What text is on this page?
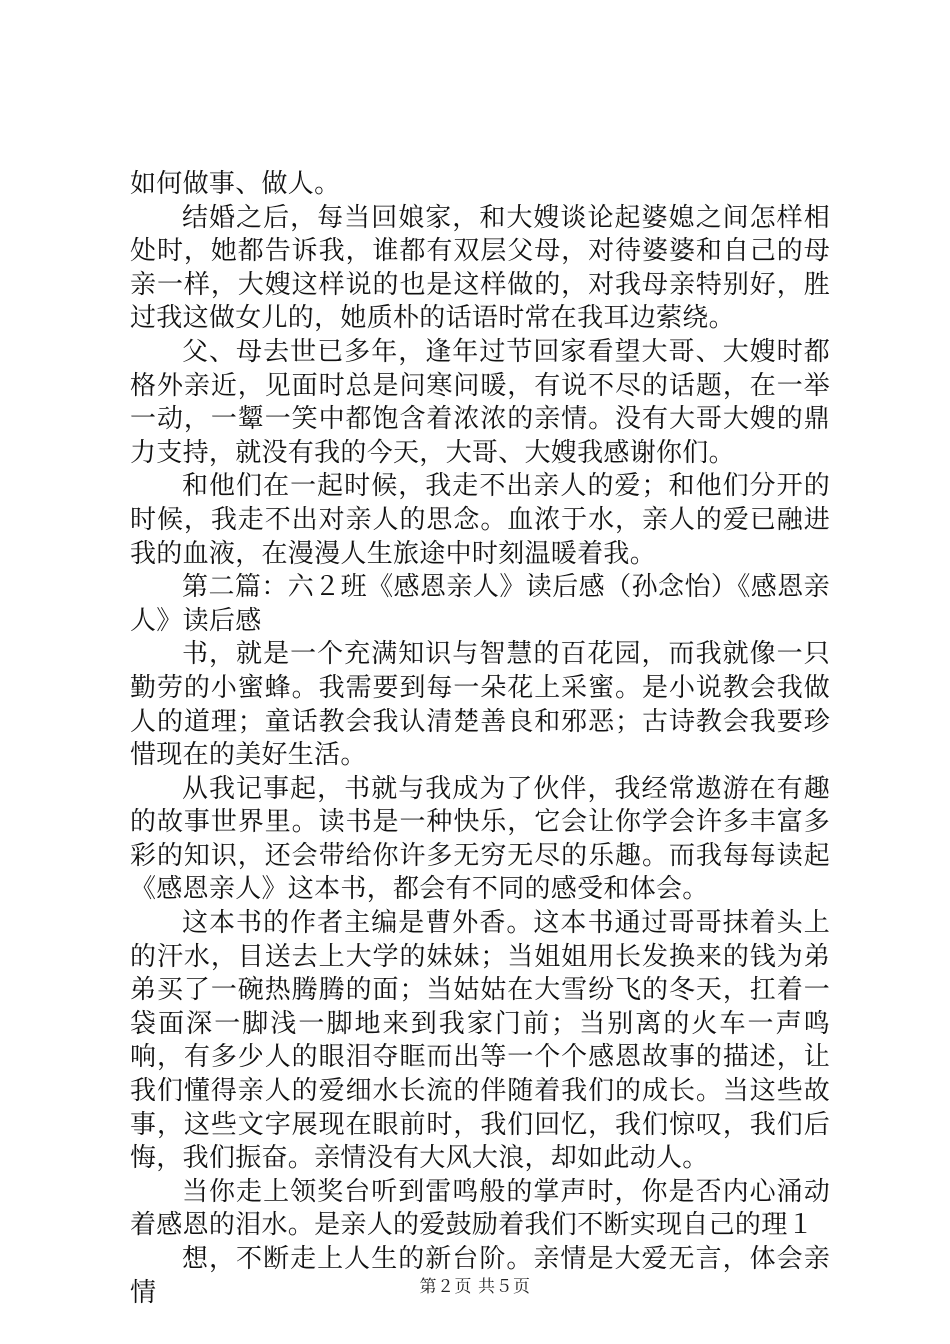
如何做事、做人。

结婚之后，每当回娘家，和大嫂谈论起婆媳之间怎样相处时，她都告诉我，谁都有双层父母，对待婆婆和自己的母亲一样，大嫂这样说的也是这样做的，对我母亲特别好，胜过我这做女儿的，她质朴的话语时常在我耳边萦绕。

父、母去世已多年，逢年过节回家看望大哥、大嫂时都格外亲近，见面时总是问寒问暖，有说不尽的话题，在一举一动，一颦一笑中都饱含着浓浓的亲情。没有大哥大嫂的鼎力支持，就没有我的今天，大哥、大嫂我感谢你们。

和他们在一起时候，我走不出亲人的爱；和他们分开的时候，我走不出对亲人的思念。血浓于水，亲人的爱已融进我的血液，在漫漫人生旅途中时刻温暖着我。

第二篇：六２班《感恩亲人》读后感（孙念怡）《感恩亲人》读后感

书，就是一个充满知识与智慧的百花园，而我就像一只勤劳的小蜜蜂。我需要到每一朵花上采蜜。是小说教会我做人的道理；童话教会我认清楚善良和邪恶；古诗教会我要珍惜现在的美好生活。

从我记事起，书就与我成为了伙伴，我经常遨游在有趣的故事世界里。读书是一种快乐，它会让你学会许多丰富多彩的知识，还会带给你许多无穷无尽的乐趣。而我每每读起《感恩亲人》这本书，都会有不同的感受和体会。

这本书的作者主编是曹外香。这本书通过哥哥抹着头上的汗水，目送去上大学的妹妹；当姐姐用长发换来的钱为弟弟买了一碗热腾腾的面；当姑姑在大雪纷飞的冬天，扛着一袋面深一脚浅一脚地来到我家门前；当别离的火车一声鸣响，有多少人的眼泪夺眶而出等一个个感恩故事的描述，让我们懂得亲人的爱细水长流的伴随着我们的成长。当这些故事，这些文字展现在眼前时，我们回忆，我们惊叹，我们后悔，我们振奋。亲情没有大风大浪，却如此动人。

当你走上领奖台听到雷鸣般的掌声时，你是否内心涌动着感恩的泪水。是亲人的爱鼓励着我们不断实现自己的理１

想，不断走上人生的新台阶。亲情是大爱无言，体会亲情	第２页 共５页
